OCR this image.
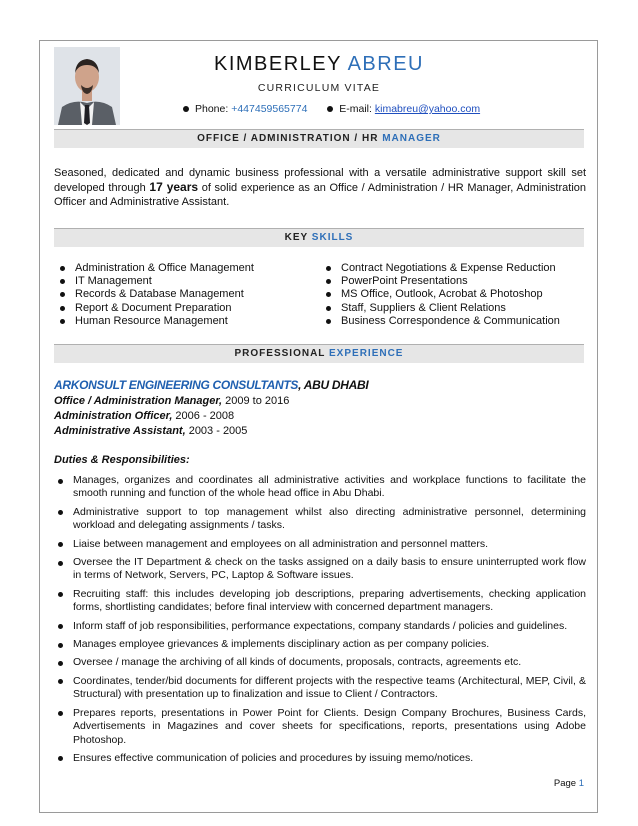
KIMBERLEY ABREU
CURRICULUM VITAE
Phone: +447459565774	E-mail: kimabreu@yahoo.com
OFFICE / ADMINISTRATION / HR MANAGER
Seasoned, dedicated and dynamic business professional with a versatile administrative support skill set developed through 17 years of solid experience as an Office / Administration / HR Manager, Administration Officer and Administrative Assistant.
KEY SKILLS
Administration & Office Management
IT Management
Records & Database Management
Report & Document Preparation
Human Resource Management
Contract Negotiations & Expense Reduction
PowerPoint Presentations
MS Office, Outlook, Acrobat & Photoshop
Staff, Suppliers & Client Relations
Business Correspondence & Communication
PROFESSIONAL EXPERIENCE
ARKONSULT ENGINEERING CONSULTANTS, ABU DHABI
Office / Administration Manager, 2009 to 2016
Administration Officer, 2006 - 2008
Administrative Assistant, 2003 - 2005
Duties & Responsibilities:
Manages, organizes and coordinates all administrative activities and workplace functions to facilitate the smooth running and function of the whole head office in Abu Dhabi.
Administrative support to top management whilst also directing administrative personnel, determining workload and delegating assignments / tasks.
Liaise between management and employees on all administration and personnel matters.
Oversee the IT Department & check on the tasks assigned on a daily basis to ensure uninterrupted work flow in terms of Network, Servers, PC, Laptop & Software issues.
Recruiting staff: this includes developing job descriptions, preparing advertisements, checking application forms, shortlisting candidates; before final interview with concerned department managers.
Inform staff of job responsibilities, performance expectations, company standards / policies and guidelines.
Manages employee grievances & implements disciplinary action as per company policies.
Oversee / manage the archiving of all kinds of documents, proposals, contracts, agreements etc.
Coordinates, tender/bid documents for different projects with the respective teams (Architectural, MEP, Civil, & Structural) with presentation up to finalization and issue to Client / Contractors.
Prepares reports, presentations in Power Point for Clients. Design Company Brochures, Business Cards, Advertisements in Magazines and cover sheets for specifications, reports, presentations using Adobe Photoshop.
Ensures effective communication of policies and procedures by issuing memo/notices.
Page 1
